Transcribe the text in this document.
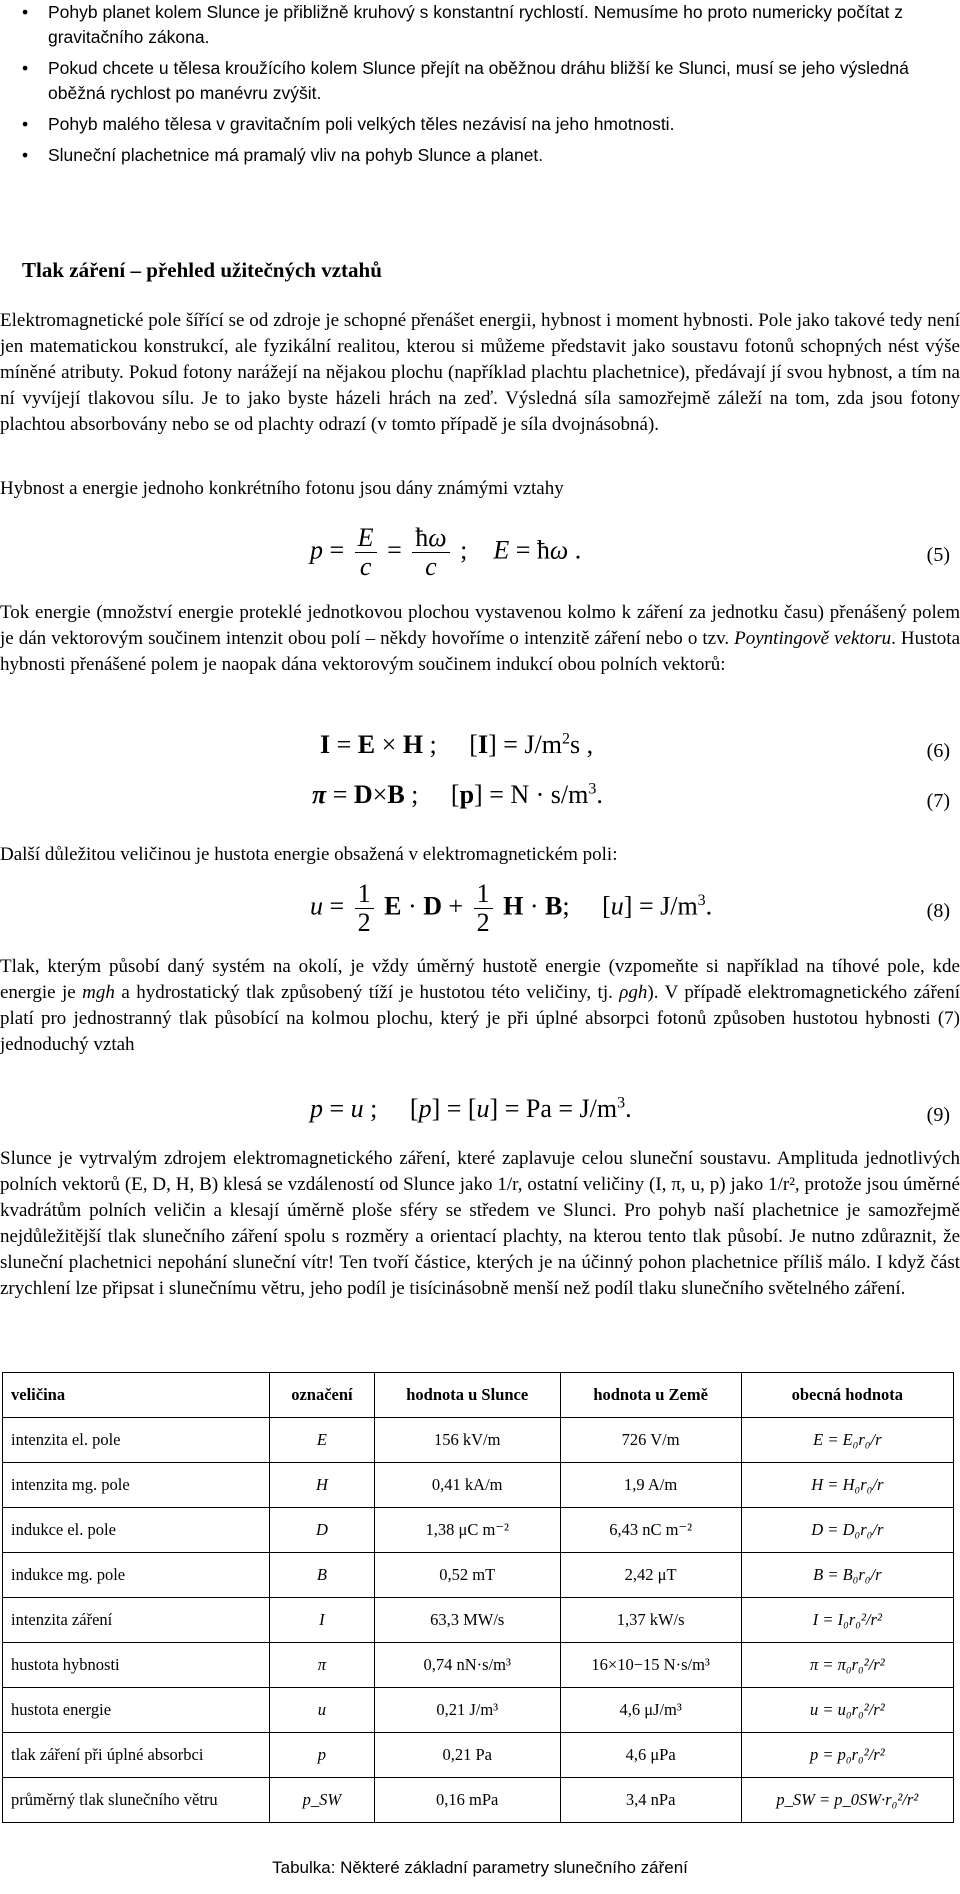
• Pohyb planet kolem Slunce je přibližně kruhový s konstantní rychlostí. Nemusíme ho proto numericky počítat z gravitačního zákona.
• Pokud chcete u tělesa kroužícího kolem Slunce přejít na oběžnou dráhu bližší ke Slunci, musí se jeho výsledná oběžná rychlost po manévru zvýšit.
• Pohyb malého tělesa v gravitačním poli velkých těles nezávisí na jeho hmotnosti.
• Sluneční plachetnice má pramalý vliv na pohyb Slunce a planet.
Tlak záření – přehled užitečných vztahů

Elektromagnetické pole šířící se od zdroje je schopné přenášet energii, hybnost i moment hybnosti. Pole jako takové tedy není jen matematickou konstrukcí, ale fyzikální realitou, kterou si můžeme představit jako soustavu fotonů schopných nést výše míněné atributy. Pokud fotony narážejí na nějakou plochu (například plachtu plachetnice), předávají jí svou hybnost, a tím na ní vyvíjejí tlakovou sílu. Je to jako byste házeli hrách na zeď. Výsledná síla samozřejmě záleží na tom, zda jsou fotony plachtou absorbovány nebo se od plachty odrazí (v tomto případě je síla dvojnásobná).

Hybnost a energie jednoho konkrétního fotonu jsou dány známými vztahy

$p = \frac{E}{c} = \frac{ħ\omega}{c}$ ;    E = ħω .	(5)

Tok energie (množství energie proteklé jednotkovou plochou vystavenou kolmo k záření za jednotku času) přenášený polem je dán vektorovým součinem intenzit obou polí – někdy hovoříme o intenzitě záření nebo o tzv. Poyntingově vektoru. Hustota hybnosti přenášené polem je naopak dána vektorovým součinem indukcí obou polních vektorů:

I = E × H ;     $[I] = J/m^2s$ ,	(6)
π = D×B ;     $[p] = N \cdot s/m^3$.	(7)

Další důležitou veličinou je hustota energie obsažená v elektromagnetickém poli:

$u = \frac{1}{2}$ $E \cdot D + \frac{1}{2}$ H · B;     $[u] = J/m^3$.	(8)

Tlak, kterým působí daný systém na okolí, je vždy úměrný hustotě energie (vzpomeňte si například na tíhové pole, kde energie je mgh a hydrostatický tlak způsobený tíží je hustotou této veličiny, tj. ρgh). V případě elektromagnetického záření platí pro jednostranný tlak působící na kolmou plochu, který je při úplné absorpci fotonů způsoben hustotou hybnosti (7) jednoduchý vztah

p = u ;     $[p] = [u] = Pa = J/m^3$.	(9)

Slunce je vytrvalým zdrojem elektromagnetického záření, které zaplavuje celou sluneční soustavu. Amplituda jednotlivých polních vektorů (E, D, H, B) klesá se vzdáleností od Slunce jako 1/r, ostatní veličiny (I, π, u, p) jako 1/r², protože jsou úměrné kvadrátům polních veličin a klesají úměrně ploše sféry se středem ve Slunci. Pro pohyb naší plachetnice je samozřejmě nejdůležitější tlak slunečního záření spolu s rozměry a orientací plachty, na kterou tento tlak působí. Je nutno zdůraznit, že sluneční plachetnici nepohání sluneční vítr! Ten tvoří částice, kterých je na účinný pohon plachetnice příliš málo. I když část zrychlení lze připsat i slunečnímu větru, jeho podíl je tisícinásobně menší než podíl tlaku slunečního světelného záření.

veličina	označení	hodnota u Slunce	hodnota u Země	obecná hodnota
intenzita el. pole	E	156 kV/m	726 V/m	E = E₀r₀/r
intenzita mg. pole	H	0,41 kA/m	1,9 A/m	H = H₀r₀/r
indukce el. pole	D	1,38 μC m⁻²	6,43 nC m⁻²	D = D₀r₀/r
indukce mg. pole	B	0,52 mT	2,42 μT	B = B₀r₀/r
intenzita záření	I	63,3 MW/s	1,37 kW/s	I = I₀r₀²/r²
hustota hybnosti	π	0,74 nN·s/m³	16×10−15 N·s/m³	π = π₀r₀²/r²
hustota energie	u	0,21 J/m³	4,6 μJ/m³	u = u₀r₀²/r²
tlak záření při úplné absorbci	p	0,21 Pa	4,6 μPa	p = p₀r₀²/r²
průměrný tlak slunečního větru	p_SW	0,16 mPa	3,4 nPa	p_SW = p_0SW·r₀²/r²
Tabulka: Některé základní parametry slunečního záření
